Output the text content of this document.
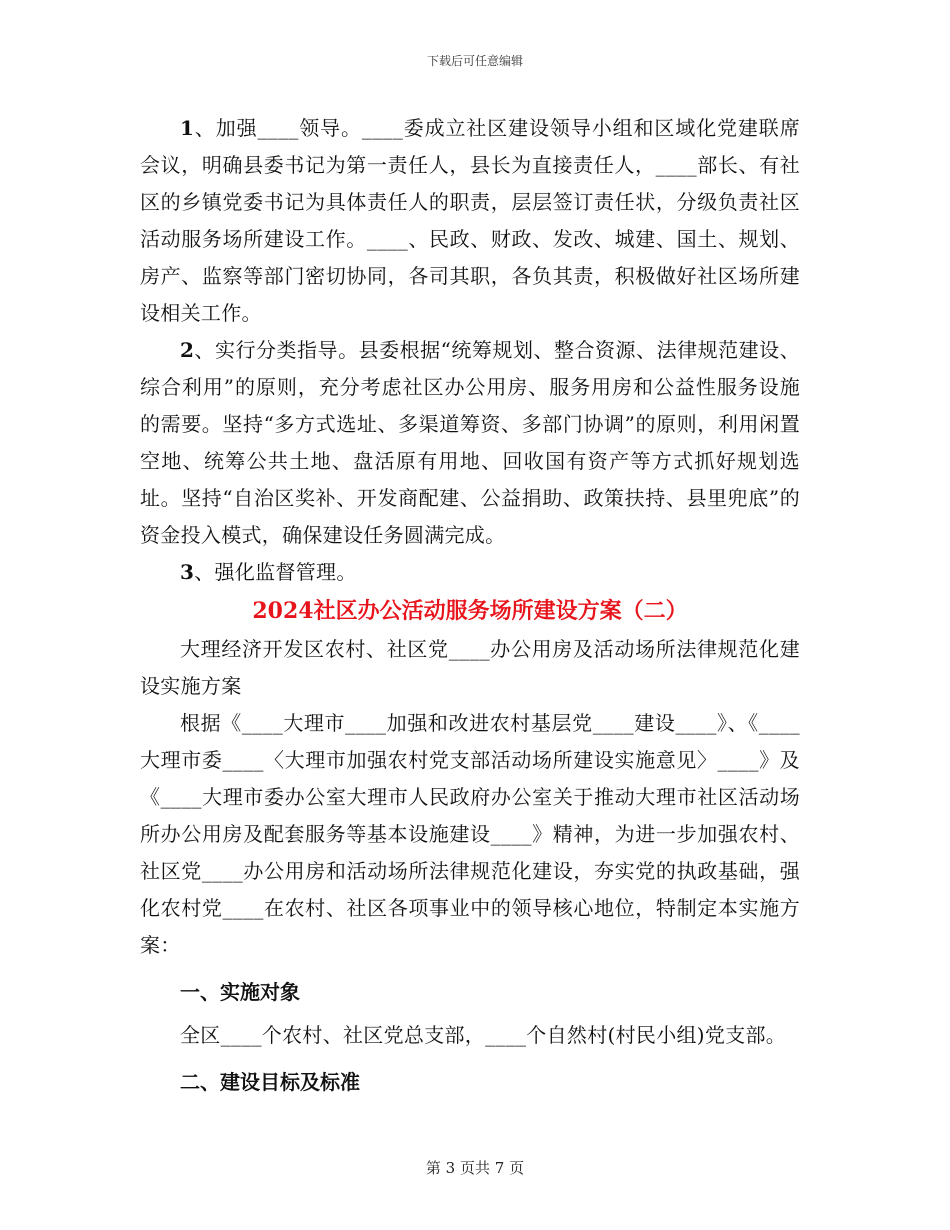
下载后可任意编辑

1、加强____领导。____委成立社区建设领导小组和区域化党建联席会议，明确县委书记为第一责任人，县长为直接责任人，____部长、有社区的乡镇党委书记为具体责任人的职责，层层签订责任状，分级负责社区活动服务场所建设工作。____、民政、财政、发改、城建、国土、规划、房产、监察等部门密切协同，各司其职，各负其责，积极做好社区场所建设相关工作。

2、实行分类指导。县委根据“统筹规划、整合资源、法律规范建设、综合利用”的原则，充分考虑社区办公用房、服务用房和公益性服务设施的需要。坚持“多方式选址、多渠道筹资、多部门协调”的原则，利用闲置空地、统筹公共土地、盘活原有用地、回收国有资产等方式抓好规划选址。坚持“自治区奖补、开发商配建、公益捐助、政策扶持、县里兜底”的资金投入模式，确保建设任务圆满完成。

3、强化监督管理。

2024社区办公活动服务场所建设方案（二）

大理经济开发区农村、社区党____办公用房及活动场所法律规范化建设实施方案

根据《____大理市____加强和改进农村基层党____建设____》、《____大理市委____〈大理市加强农村党支部活动场所建设实施意见〉____》及《____大理市委办公室大理市人民政府办公室关于推动大理市社区活动场所办公用房及配套服务等基本设施建设____》精神，为进一步加强农村、社区党____办公用房和活动场所法律规范化建设，夯实党的执政基础，强化农村党____在农村、社区各项事业中的领导核心地位，特制定本实施方案：

一、实施对象

全区____个农村、社区党总支部，____个自然村(村民小组)党支部。

二、建设目标及标准

第 3 页共 7 页
